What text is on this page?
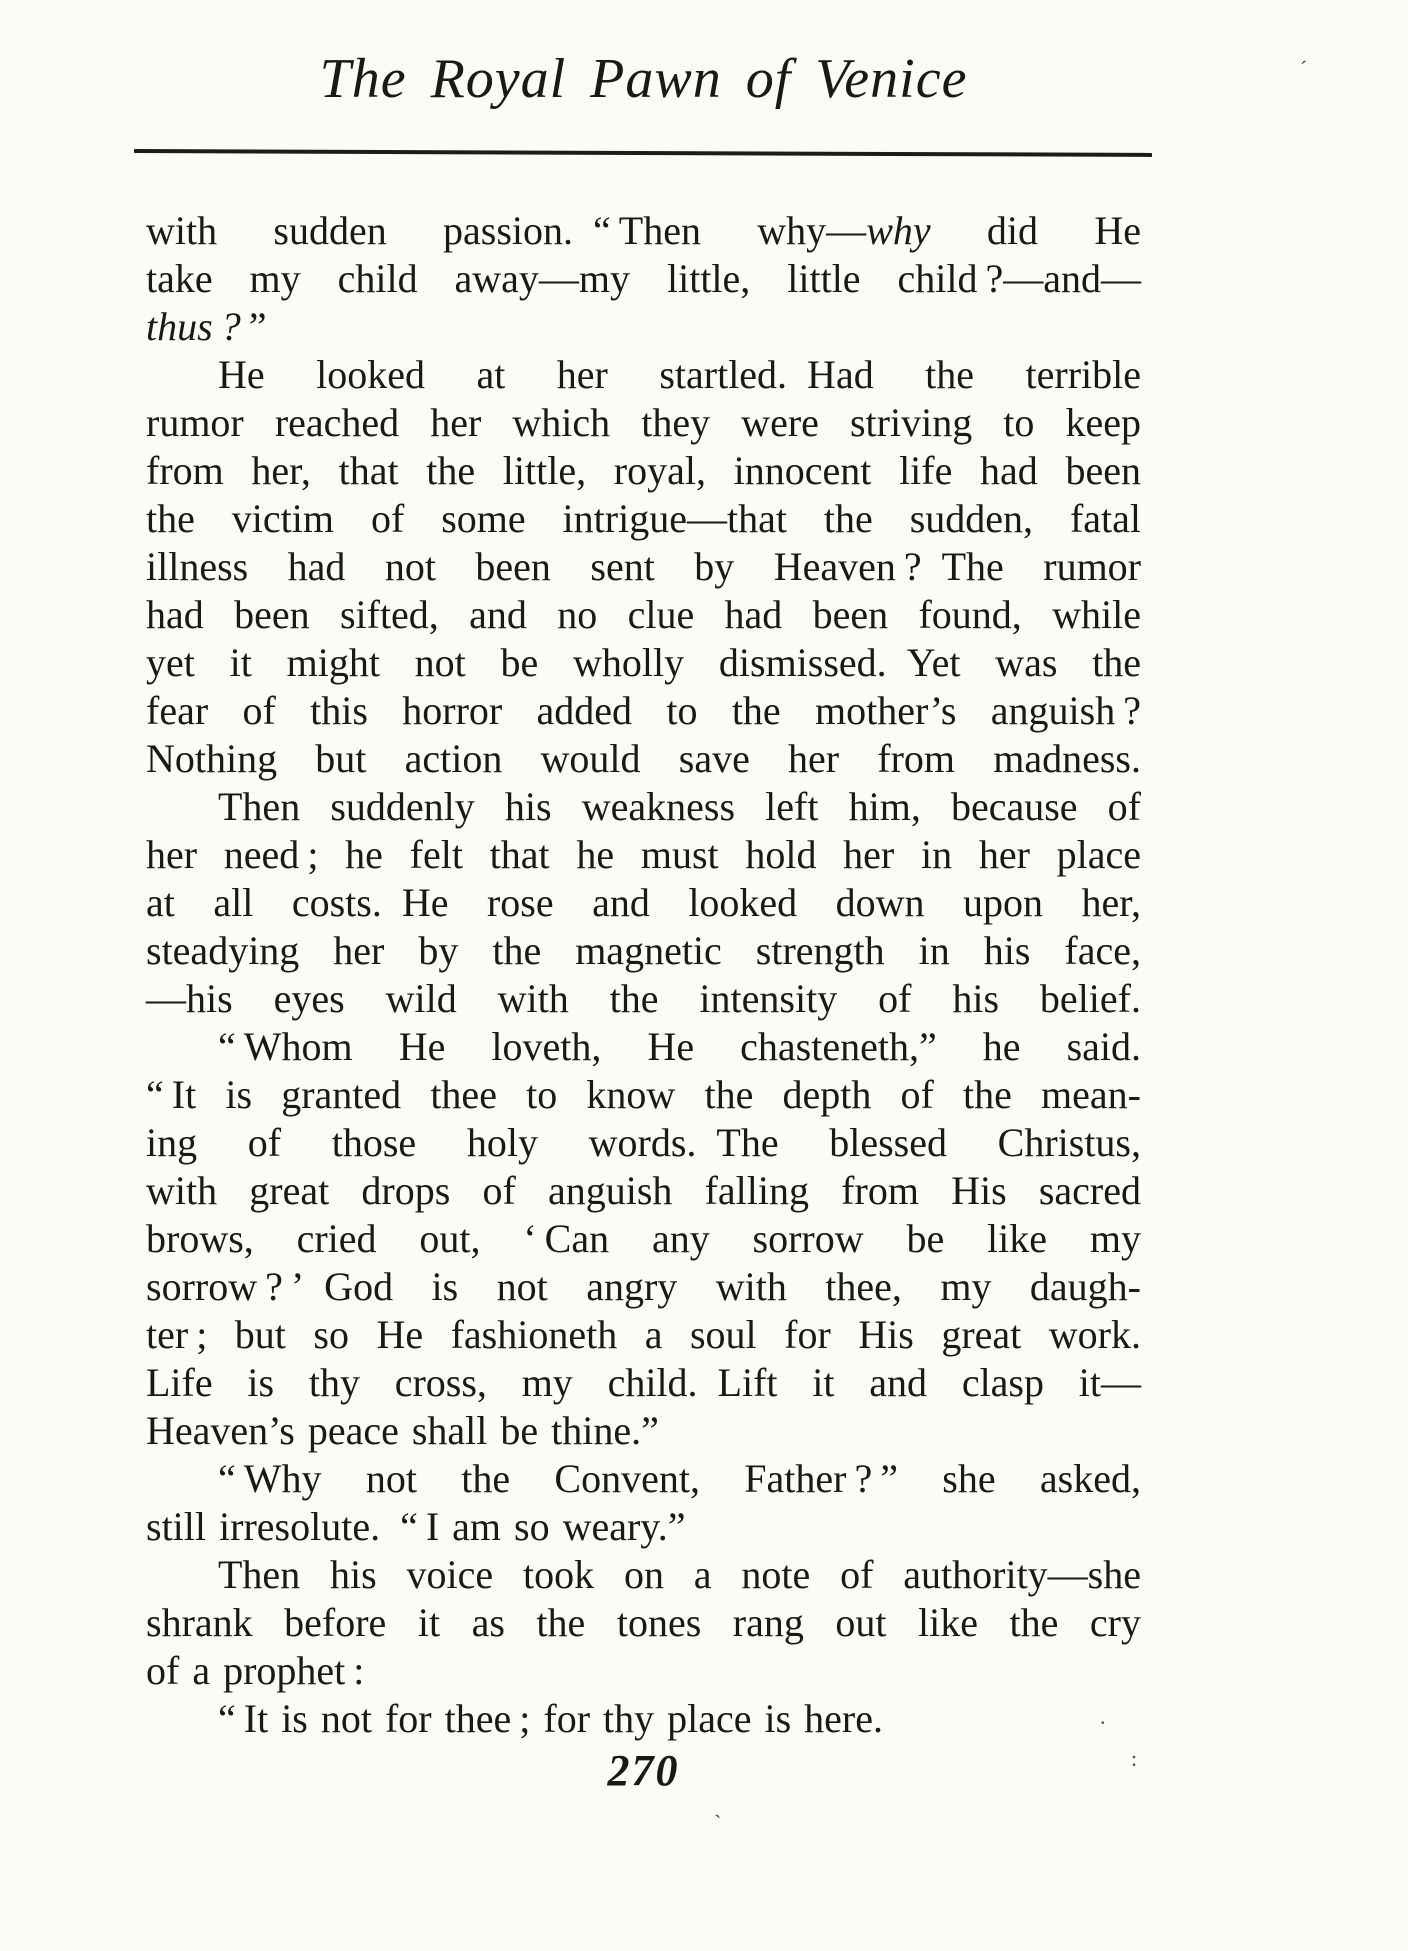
The Royal Pawn of Venice
with sudden passion. “ Then why—why did He
take my child away—my little, little child ?—and—
thus ? ”
He looked at her startled. Had the terrible
rumor reached her which they were striving to keep
from her, that the little, royal, innocent life had been
the victim of some intrigue—that the sudden, fatal
illness had not been sent by Heaven ? The rumor
had been sifted, and no clue had been found, while
yet it might not be wholly dismissed. Yet was the
fear of this horror added to the mother’s anguish ?
Nothing but action would save her from madness.
Then suddenly his weakness left him, because of
her need ; he felt that he must hold her in her place
at all costs. He rose and looked down upon her,
steadying her by the magnetic strength in his face,
—his eyes wild with the intensity of his belief.
“ Whom He loveth, He chasteneth,” he said.
“ It is granted thee to know the depth of the mean-
ing of those holy words. The blessed Christus,
with great drops of anguish falling from His sacred
brows, cried out, ‘ Can any sorrow be like my
sorrow ? ’ God is not angry with thee, my daugh-
ter ; but so He fashioneth a soul for His great work.
Life is thy cross, my child. Lift it and clasp it—
Heaven’s peace shall be thine.”
“ Why not the Convent, Father ? ” she asked,
still irresolute. “ I am so weary.”
Then his voice took on a note of authority—she
shrank before it as the tones rang out like the cry
of a prophet :
“ It is not for thee ; for thy place is here.
270
´
.
:
`
